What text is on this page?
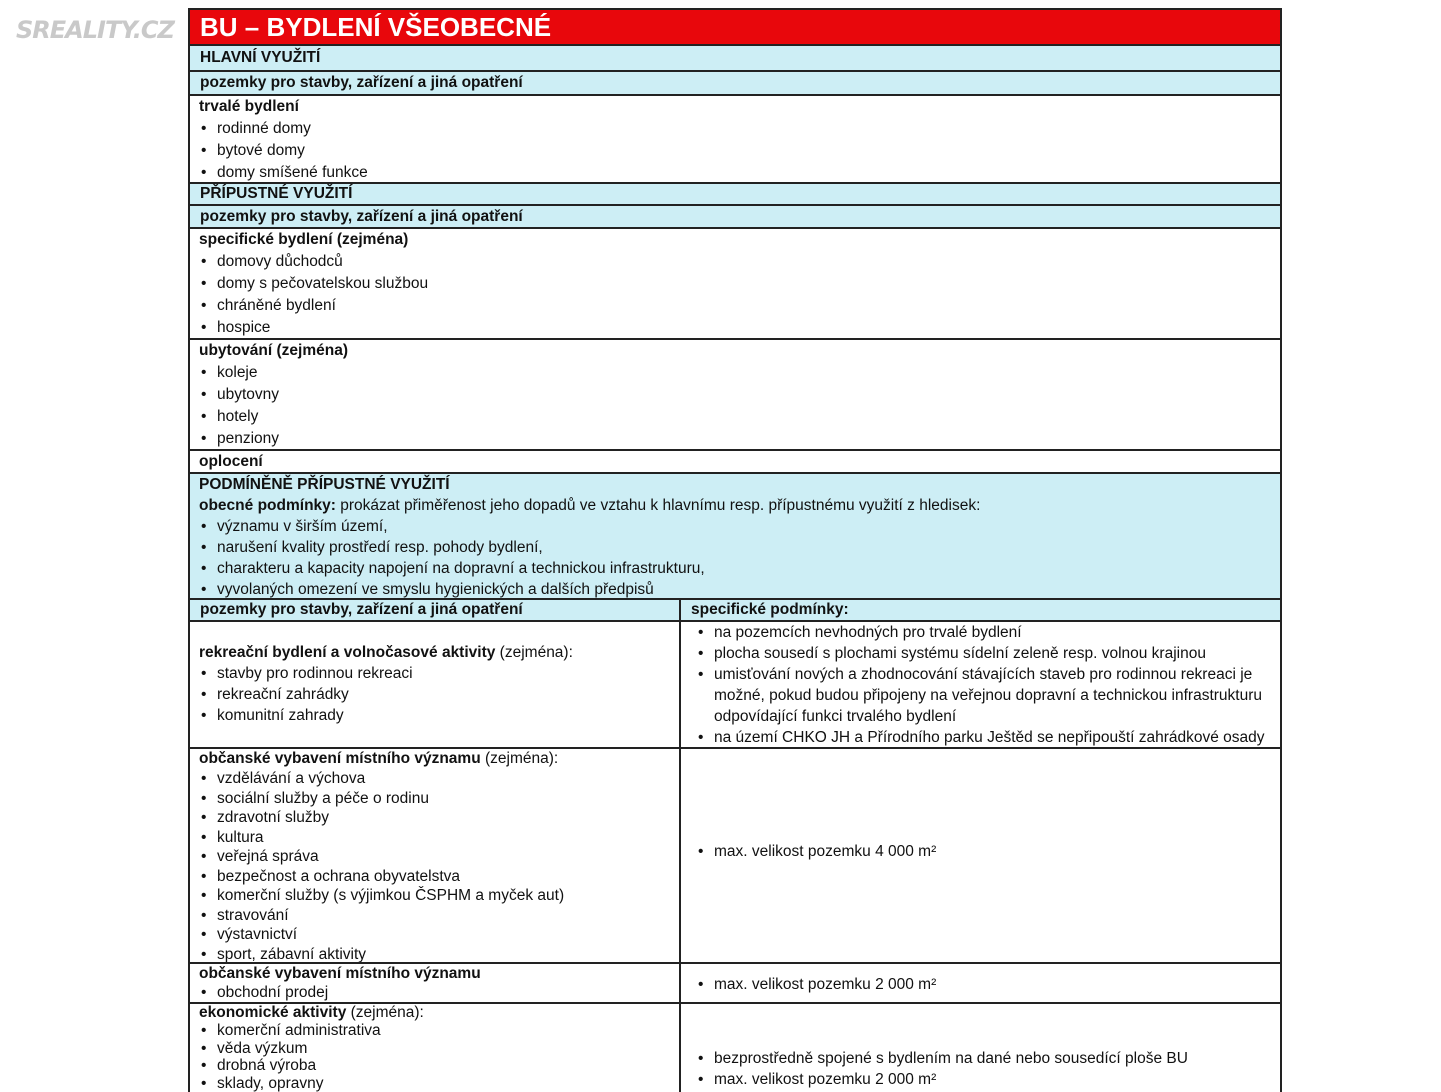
SREALITY.CZ	BU – BYDLENÍ VŠEOBECNÉ
HLAVNÍ VYUŽITÍ
pozemky pro stavby, zařízení a jiná opatření
trvalé bydlení
• rodinné domy
• bytové domy
• domy smíšené funkce
PŘÍPUSTNÉ VYUŽITÍ
pozemky pro stavby, zařízení a jiná opatření
specifické bydlení (zejména)
• domovy důchodců
• domy s pečovatelskou službou
• chráněné bydlení
• hospice
ubytování (zejména)
• koleje
• ubytovny
• hotely
• penziony
oplocení
PODMÍNĚNĚ PŘÍPUSTNÉ VYUŽITÍ
obecné podmínky: prokázat přiměřenost jeho dopadů ve vztahu k hlavnímu resp. přípustnému využití z hledisek:
• významu v širším území,
• narušení kvality prostředí resp. pohody bydlení,
• charakteru a kapacity napojení na dopravní a technickou infrastrukturu,
• vyvolaných omezení ve smyslu hygienických a dalších předpisů
pozemky pro stavby, zařízení a jiná opatření	specifické podmínky:
rekreační bydlení a volnočasové aktivity (zejména):
• stavby pro rodinnou rekreaci
• rekreační zahrádky
• komunitní zahrady
• na pozemcích nevhodných pro trvalé bydlení
• plocha sousedí s plochami systému sídelní zeleně resp. volnou krajinou
• umisťování nových a zhodnocování stávajících staveb pro rodinnou rekreaci je
možné, pokud budou připojeny na veřejnou dopravní a technickou infrastrukturu
odpovídající funkci trvalého bydlení
• na území CHKO JH a Přírodního parku Ještěd se nepřipouští zahrádkové osady
občanské vybavení místního významu (zejména):
• vzdělávání a výchova
• sociální služby a péče o rodinu
• zdravotní služby
• kultura
• veřejná správa
• bezpečnost a ochrana obyvatelstva
• komerční služby (s výjimkou ČSPHM a myček aut)
• stravování
• výstavnictví
• sport, zábavní aktivity
• max. velikost pozemku 4 000 m²
občanské vybavení místního významu
• obchodní prodej
•	max. velikost pozemku 2 000 m²
ekonomické aktivity (zejména):
• komerční administrativa
• věda výzkum
• drobná výroba
• sklady, opravny
• bezprostředně spojené s bydlením na dané nebo sousedící ploše BU
• max. velikost pozemku 2 000 m²
